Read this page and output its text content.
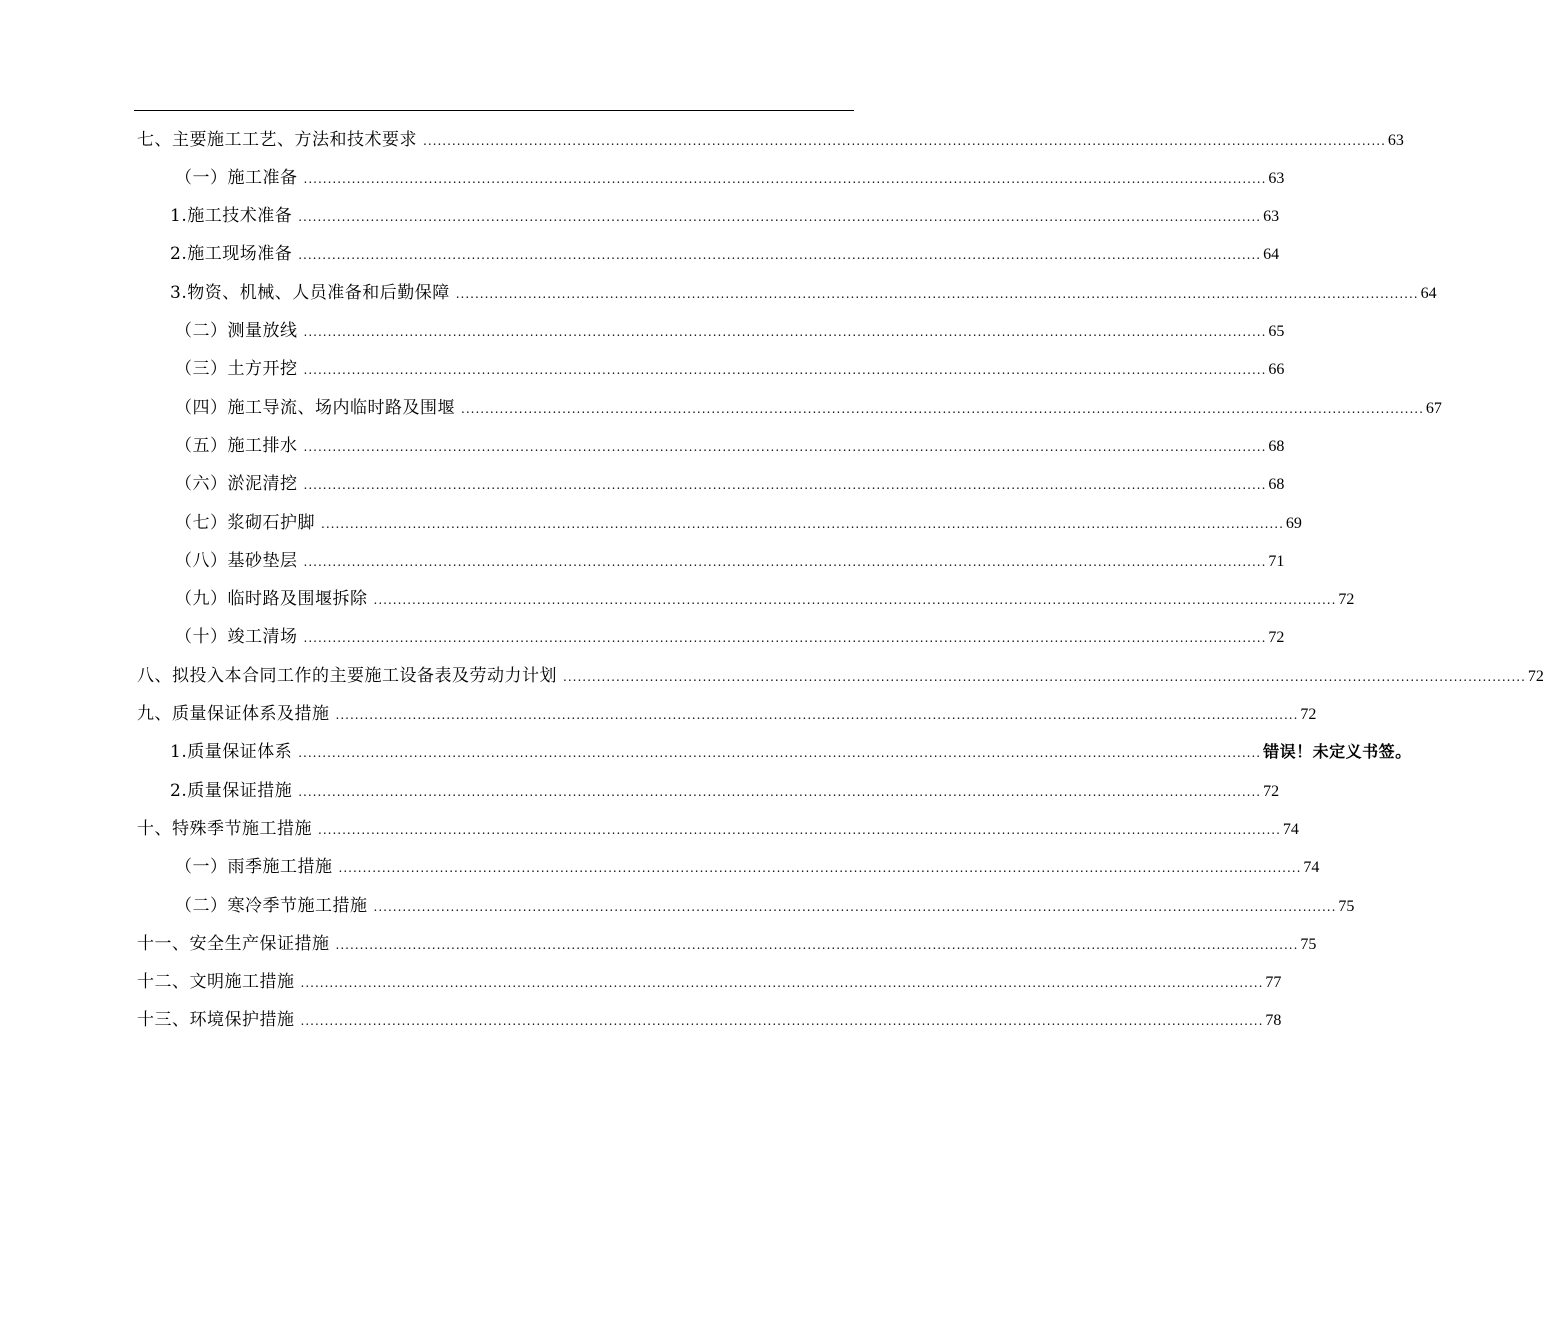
七、主要施工工艺、方法和技术要求 ........................................................................................................................................................................................................ 63
（一）施工准备 ........................................................................................................................................................................................................ 63
1.施工技术准备 ........................................................................................................................................................................................................ 63
2.施工现场准备 ........................................................................................................................................................................................................ 64
3.物资、机械、人员准备和后勤保障 ........................................................................................................................................................................................................ 64
（二）测量放线 ........................................................................................................................................................................................................ 65
（三）土方开挖 ........................................................................................................................................................................................................ 66
（四）施工导流、场内临时路及围堰 ........................................................................................................................................................................................................ 67
（五）施工排水 ........................................................................................................................................................................................................ 68
（六）淤泥清挖 ........................................................................................................................................................................................................ 68
（七）浆砌石护脚 ........................................................................................................................................................................................................ 69
（八）基砂垫层 ........................................................................................................................................................................................................ 71
（九）临时路及围堰拆除 ........................................................................................................................................................................................................ 72
（十）竣工清场 ........................................................................................................................................................................................................ 72
八、拟投入本合同工作的主要施工设备表及劳动力计划 ........................................................................................................................................................................................................ 72
九、质量保证体系及措施 ........................................................................................................................................................................................................ 72
1.质量保证体系 ........................................................................................................................................................................................................ 错误！未定义书签。
2.质量保证措施 ........................................................................................................................................................................................................ 72
十、特殊季节施工措施 ........................................................................................................................................................................................................ 74
（一）雨季施工措施 ........................................................................................................................................................................................................ 74
（二）寒冷季节施工措施 ........................................................................................................................................................................................................ 75
十一、安全生产保证措施 ........................................................................................................................................................................................................ 75
十二、文明施工措施 ........................................................................................................................................................................................................ 77
十三、环境保护措施 ........................................................................................................................................................................................................ 78
